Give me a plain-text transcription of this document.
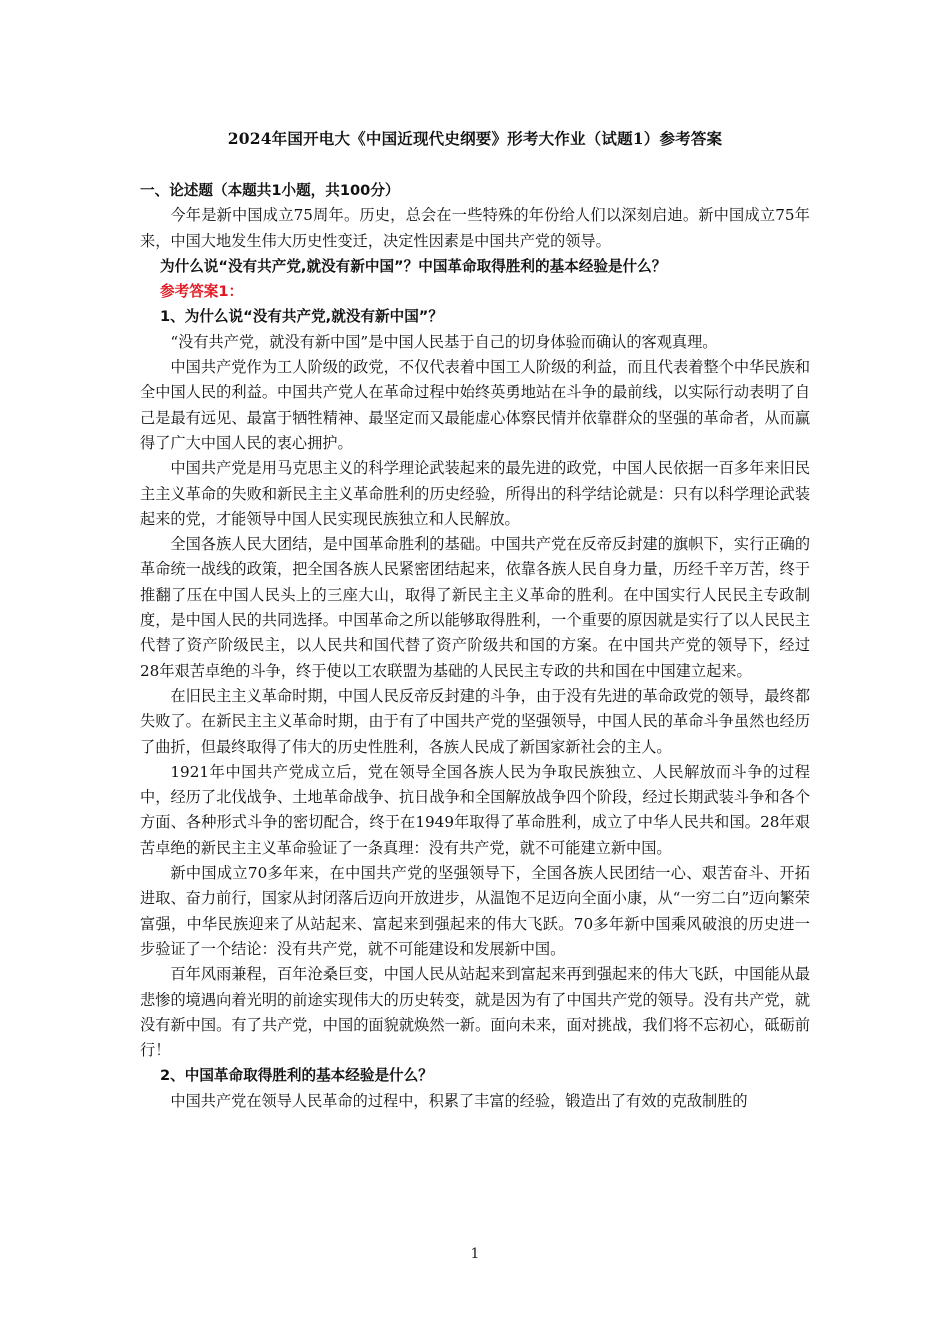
2024年国开电大《中国近现代史纲要》形考大作业（试题1）参考答案

一、论述题（本题共1小题，共100分）

今年是新中国成立75周年。历史，总会在一些特殊的年份给人们以深刻启迪。新中国成立75年来，中国大地发生伟大历史性变迁，决定性因素是中国共产党的领导。

为什么说“没有共产党,就没有新中国”？中国革命取得胜利的基本经验是什么？

参考答案1：

1、为什么说“没有共产党,就没有新中国”？

“没有共产党，就没有新中国”是中国人民基于自己的切身体验而确认的客观真理。

中国共产党作为工人阶级的政党，不仅代表着中国工人阶级的利益，而且代表着整个中华民族和全中国人民的利益。中国共产党人在革命过程中始终英勇地站在斗争的最前线，以实际行动表明了自己是最有远见、最富于牺牲精神、最坚定而又最能虚心体察民情并依靠群众的坚强的革命者，从而赢得了广大中国人民的衷心拥护。

中国共产党是用马克思主义的科学理论武装起来的最先进的政党，中国人民依据一百多年来旧民主主义革命的失败和新民主主义革命胜利的历史经验，所得出的科学结论就是：只有以科学理论武装起来的党，才能领导中国人民实现民族独立和人民解放。

全国各族人民大团结，是中国革命胜利的基础。中国共产党在反帝反封建的旗帜下，实行正确的革命统一战线的政策，把全国各族人民紧密团结起来，依靠各族人民自身力量，历经千辛万苦，终于推翻了压在中国人民头上的三座大山，取得了新民主主义革命的胜利。在中国实行人民民主专政制度，是中国人民的共同选择。中国革命之所以能够取得胜利，一个重要的原因就是实行了以人民民主代替了资产阶级民主，以人民共和国代替了资产阶级共和国的方案。在中国共产党的领导下，经过28年艰苦卓绝的斗争，终于使以工农联盟为基础的人民民主专政的共和国在中国建立起来。

在旧民主主义革命时期，中国人民反帝反封建的斗争，由于没有先进的革命政党的领导，最终都失败了。在新民主主义革命时期，由于有了中国共产党的坚强领导，中国人民的革命斗争虽然也经历了曲折，但最终取得了伟大的历史性胜利，各族人民成了新国家新社会的主人。

1921年中国共产党成立后，党在领导全国各族人民为争取民族独立、人民解放而斗争的过程中，经历了北伐战争、土地革命战争、抗日战争和全国解放战争四个阶段，经过长期武装斗争和各个方面、各种形式斗争的密切配合，终于在1949年取得了革命胜利，成立了中华人民共和国。28年艰苦卓绝的新民主主义革命验证了一条真理：没有共产党，就不可能建立新中国。

新中国成立70多年来，在中国共产党的坚强领导下，全国各族人民团结一心、艰苦奋斗、开拓进取、奋力前行，国家从封闭落后迈向开放进步，从温饱不足迈向全面小康，从“一穷二白”迈向繁荣富强，中华民族迎来了从站起来、富起来到强起来的伟大飞跃。70多年新中国乘风破浪的历史进一步验证了一个结论：没有共产党，就不可能建设和发展新中国。

百年风雨兼程，百年沧桑巨变，中国人民从站起来到富起来再到强起来的伟大飞跃，中国能从最悲惨的境遇向着光明的前途实现伟大的历史转变，就是因为有了中国共产党的领导。没有共产党，就没有新中国。有了共产党，中国的面貌就焕然一新。面向未来，面对挑战，我们将不忘初心，砥砺前行！

2、中国革命取得胜利的基本经验是什么？

中国共产党在领导人民革命的过程中，积累了丰富的经验，锻造出了有效的克敌制胜的

1
